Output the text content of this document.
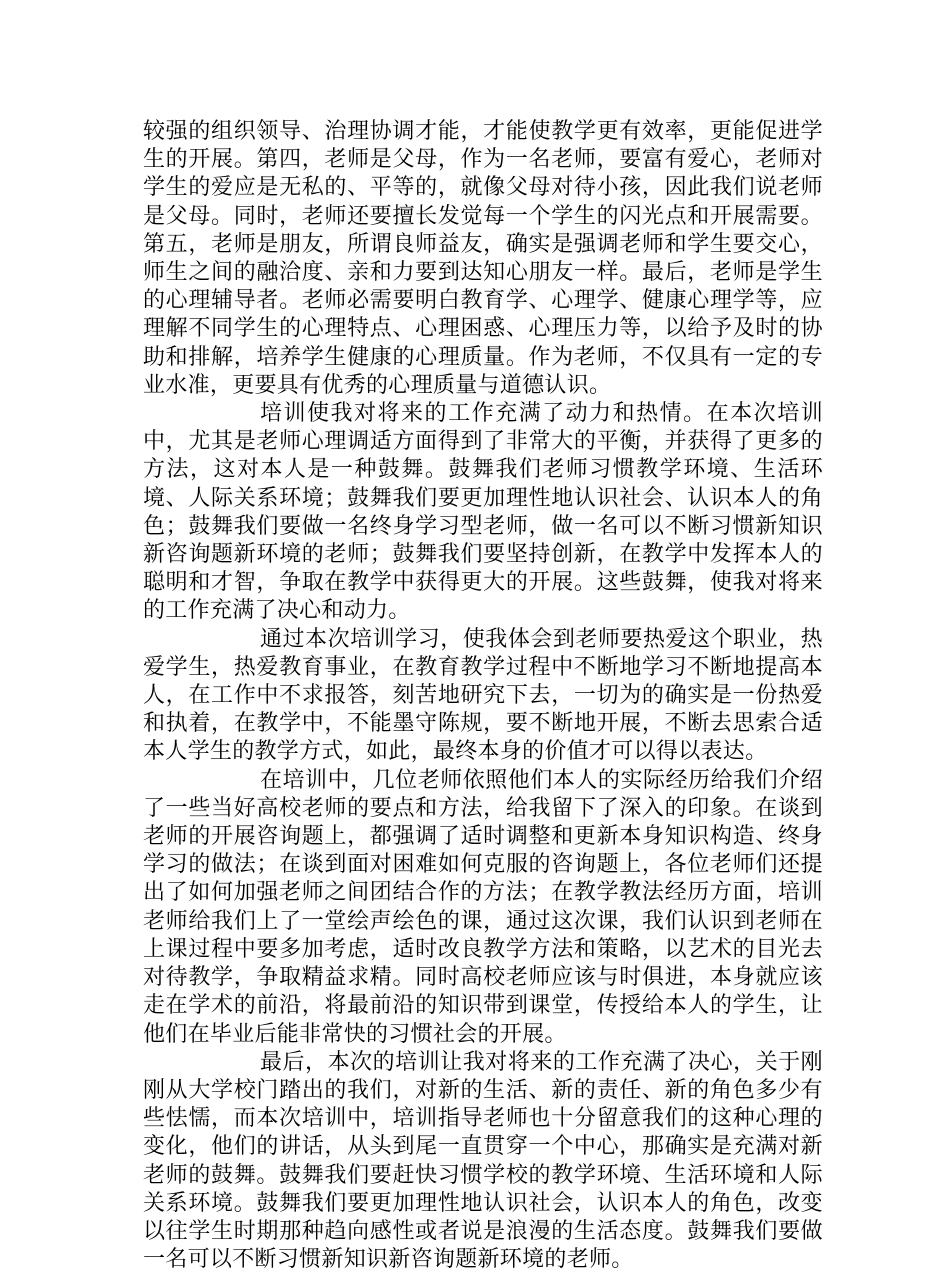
较强的组织领导、治理协调才能，才能使教学更有效率，更能促进学生的开展。第四，老师是父母，作为一名老师，要富有爱心，老师对学生的爱应是无私的、平等的，就像父母对待小孩，因此我们说老师是父母。同时，老师还要擅长发觉每一个学生的闪光点和开展需要。第五，老师是朋友，所谓良师益友，确实是强调老师和学生要交心，师生之间的融洽度、亲和力要到达知心朋友一样。最后，老师是学生的心理辅导者。老师必需要明白教育学、心理学、健康心理学等，应理解不同学生的心理特点、心理困惑、心理压力等，以给予及时的协助和排解，培养学生健康的心理质量。作为老师，不仅具有一定的专业水准，更要具有优秀的心理质量与道德认识。

培训使我对将来的工作充满了动力和热情。在本次培训中，尤其是老师心理调适方面得到了非常大的平衡，并获得了更多的方法，这对本人是一种鼓舞。鼓舞我们老师习惯教学环境、生活环境、人际关系环境；鼓舞我们要更加理性地认识社会、认识本人的角色；鼓舞我们要做一名终身学习型老师，做一名可以不断习惯新知识新咨询题新环境的老师；鼓舞我们要坚持创新，在教学中发挥本人的聪明和才智，争取在教学中获得更大的开展。这些鼓舞，使我对将来的工作充满了决心和动力。

通过本次培训学习，使我体会到老师要热爱这个职业，热爱学生，热爱教育事业，在教育教学过程中不断地学习不断地提高本人，在工作中不求报答，刻苦地研究下去，一切为的确实是一份热爱和执着，在教学中，不能墨守陈规，要不断地开展，不断去思索合适本人学生的教学方式，如此，最终本身的价值才可以得以表达。

在培训中，几位老师依照他们本人的实际经历给我们介绍了一些当好高校老师的要点和方法，给我留下了深入的印象。在谈到老师的开展咨询题上，都强调了适时调整和更新本身知识构造、终身学习的做法；在谈到面对困难如何克服的咨询题上，各位老师们还提出了如何加强老师之间团结合作的方法；在教学教法经历方面，培训老师给我们上了一堂绘声绘色的课，通过这次课，我们认识到老师在上课过程中要多加考虑，适时改良教学方法和策略，以艺术的目光去对待教学，争取精益求精。同时高校老师应该与时俱进，本身就应该走在学术的前沿，将最前沿的知识带到课堂，传授给本人的学生，让他们在毕业后能非常快的习惯社会的开展。

最后，本次的培训让我对将来的工作充满了决心，关于刚刚从大学校门踏出的我们，对新的生活、新的责任、新的角色多少有些怯懦，而本次培训中，培训指导老师也十分留意我们的这种心理的变化，他们的讲话，从头到尾一直贯穿一个中心，那确实是充满对新老师的鼓舞。鼓舞我们要赶快习惯学校的教学环境、生活环境和人际关系环境。鼓舞我们要更加理性地认识社会，认识本人的角色，改变以往学生时期那种趋向感性或者说是浪漫的生活态度。鼓舞我们要做一名可以不断习惯新知识新咨询题新环境的老师。
